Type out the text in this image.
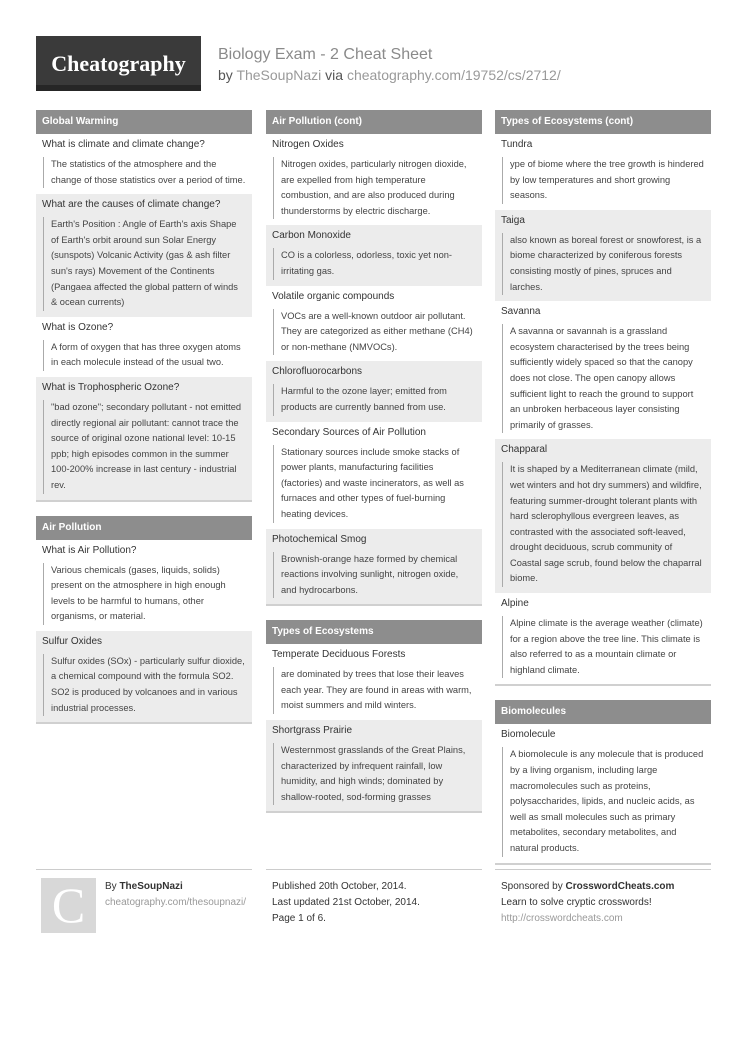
Cheatography	Biology Exam - 2 Cheat Sheet
by TheSoupNazi via cheatography.com/19752/cs/2712/
Global Warming
What is climate and climate change?
The statistics of the atmosphere and the change of those statistics over a period of time.
What are the causes of climate change?
Earth's Position : Angle of Earth's axis Shape of Earth's orbit around sun Solar Energy (sunspots) Volcanic Activity (gas & ash filter sun's rays) Movement of the Continents (Pangaea affected the global pattern of winds & ocean currents)
What is Ozone?
A form of oxygen that has three oxygen atoms in each molecule instead of the usual two.
What is Trophospheric Ozone?
"bad ozone"; secondary pollutant - not emitted directly regional air pollutant: cannot trace the source of original ozone national level: 10-15 ppb; high episodes common in the summer 100-200% increase in last century - industrial rev.
Air Pollution
What is Air Pollution?
Various chemicals (gases, liquids, solids) present on the atmosphere in high enough levels to be harmful to humans, other organisms, or material.
Sulfur Oxides
Sulfur oxides (SOx) - particularly sulfur dioxide, a chemical compound with the formula SO2. SO2 is produced by volcanoes and in various industrial processes.
Air Pollution (cont)
Nitrogen Oxides
Nitrogen oxides, particularly nitrogen dioxide, are expelled from high temperature combustion, and are also produced during thunderstorms by electric discharge.
Carbon Monoxide
CO is a colorless, odorless, toxic yet non-irritating gas.
Volatile organic compounds
VOCs are a well-known outdoor air pollutant. They are categorized as either methane (CH4) or non-methane (NMVOCs).
Chlorofluorocarbons
Harmful to the ozone layer; emitted from products are currently banned from use.
Secondary Sources of Air Pollution
Stationary sources include smoke stacks of power plants, manufacturing facilities (factories) and waste incinerators, as well as furnaces and other types of fuel-burning heating devices.
Photochemical Smog
Brownish-orange haze formed by chemical reactions involving sunlight, nitrogen oxide, and hydrocarbons.
Types of Ecosystems
Temperate Deciduous Forests
are dominated by trees that lose their leaves each year. They are found in areas with warm, moist summers and mild winters.
Shortgrass Prairie
Westernmost grasslands of the Great Plains, characterized by infrequent rainfall, low humidity, and high winds; dominated by shallow-rooted, sod-forming grasses
Types of Ecosystems (cont)
Tundra
ype of biome where the tree growth is hindered by low temperatures and short growing seasons.
Taiga
also known as boreal forest or snowforest, is a biome characterized by coniferous forests consisting mostly of pines, spruces and larches.
Savanna
A savanna or savannah is a grassland ecosystem characterised by the trees being sufficiently widely spaced so that the canopy does not close. The open canopy allows sufficient light to reach the ground to support an unbroken herbaceous layer consisting primarily of grasses.
Chapparal
It is shaped by a Mediterranean climate (mild, wet winters and hot dry summers) and wildfire, featuring summer-drought tolerant plants with hard sclerophyllous evergreen leaves, as contrasted with the associated soft-leaved, drought deciduous, scrub community of Coastal sage scrub, found below the chaparral biome.
Alpine
Alpine climate is the average weather (climate) for a region above the tree line. This climate is also referred to as a mountain climate or highland climate.
Biomolecules
Biomolecule
A biomolecule is any molecule that is produced by a living organism, including large macromolecules such as proteins, polysaccharides, lipids, and nucleic acids, as well as small molecules such as primary metabolites, secondary metabolites, and natural products.
C	By TheSoupNazi
cheatography.com/thesoupnazi/
Published 20th October, 2014.
Last updated 21st October, 2014.
Page 1 of 6.
Sponsored by CrosswordCheats.com
Learn to solve cryptic crosswords!
http://crosswordcheats.com
